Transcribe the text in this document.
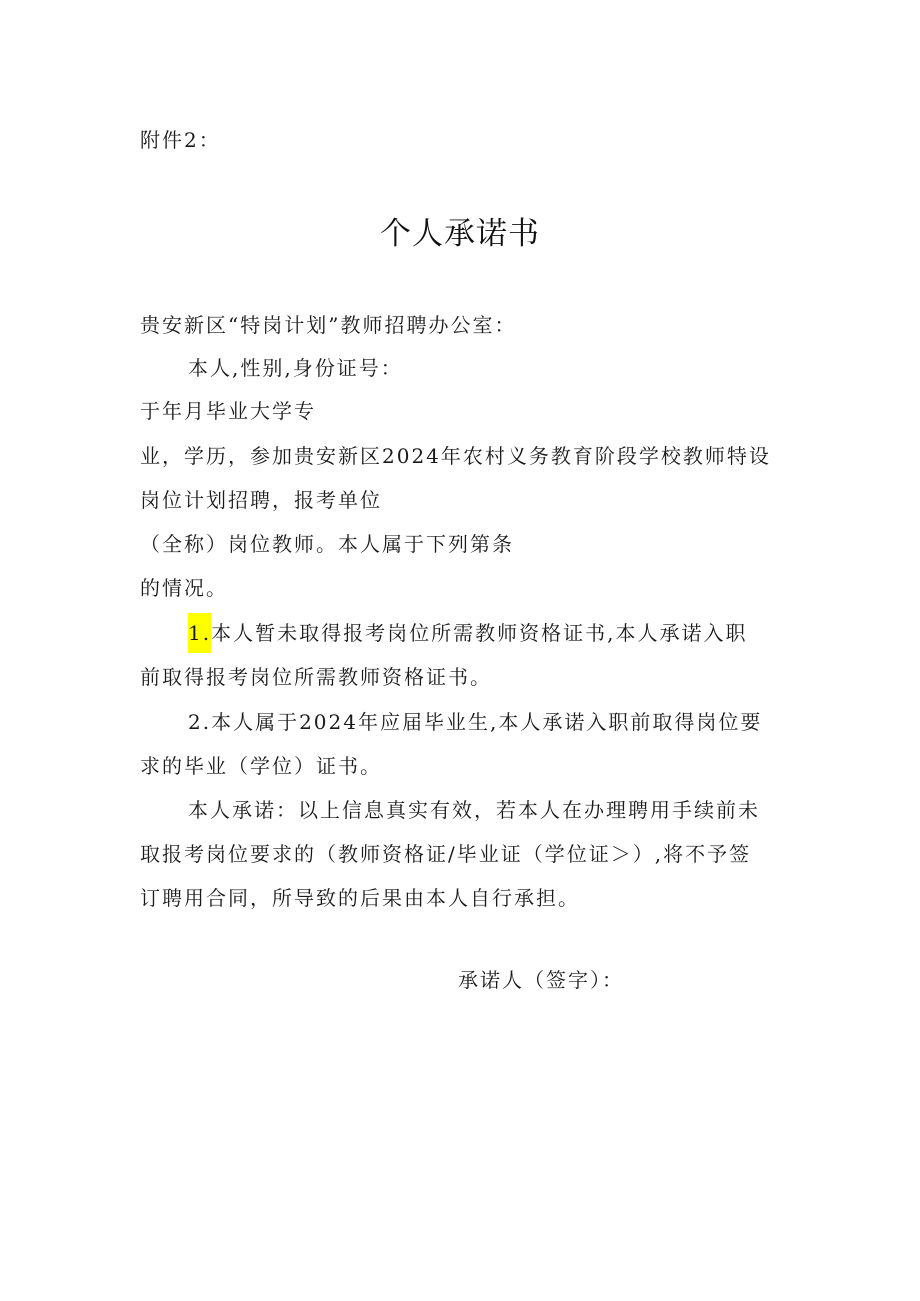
附件2：
个人承诺书
贵安新区“特岗计划”教师招聘办公室：
本人,性别,身份证号：
于年月毕业大学专
业，学历，参加贵安新区2024年农村义务教育阶段学校教师特设
岗位计划招聘，报考单位
（全称）岗位教师。本人属于下列第条
的情况。
1.本人暂未取得报考岗位所需教师资格证书,本人承诺入职
前取得报考岗位所需教师资格证书。
2.本人属于2024年应届毕业生,本人承诺入职前取得岗位要
求的毕业（学位）证书。
本人承诺：以上信息真实有效，若本人在办理聘用手续前未
取报考岗位要求的（教师资格证/毕业证（学位证＞）,将不予签
订聘用合同，所导致的后果由本人自行承担。
承诺人（签字）：
